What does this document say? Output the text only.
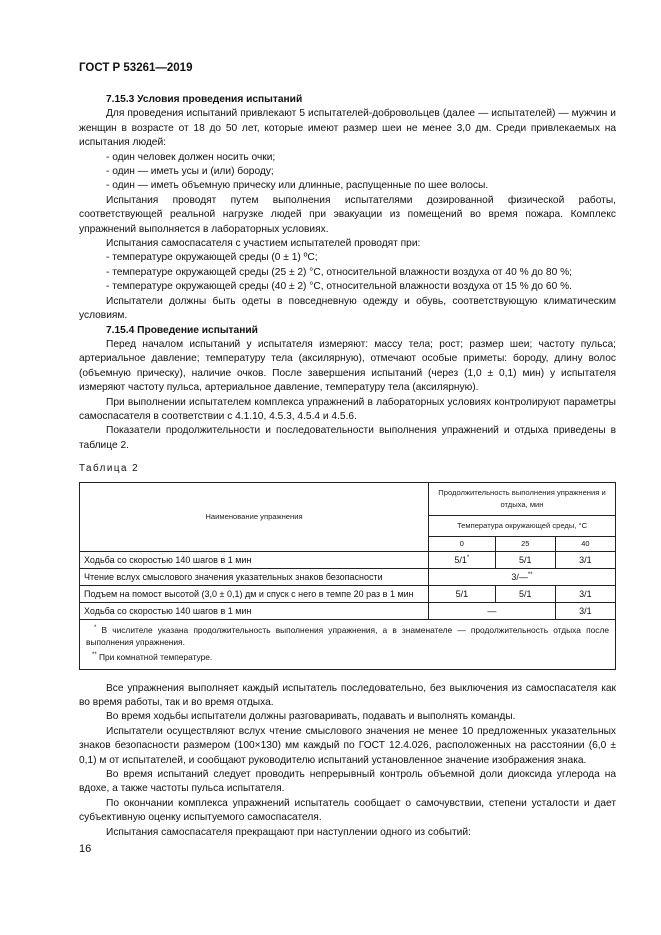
ГОСТ Р 53261—2019

7.15.3 Условия проведения испытаний

Для проведения испытаний привлекают 5 испытателей-добровольцев (далее — испытателей) — мужчин и женщин в возрасте от 18 до 50 лет, которые имеют размер шеи не менее 3,0 дм. Среди привлекаемых на испытания людей:

- один человек должен носить очки;

- один — иметь усы и (или) бороду;

- один — иметь объемную прическу или длинные, распущенные по шее волосы.

Испытания проводят путем выполнения испытателями дозированной физической работы, соответствующей реальной нагрузке людей при эвакуации из помещений во время пожара. Комплекс упражнений выполняется в лабораторных условиях.

Испытания самоспасателя с участием испытателей проводят при:

- температуре окружающей среды (0 ± 1) ºC;

- температуре окружающей среды (25 ± 2) °C, относительной влажности воздуха от 40 % до 80 %;

- температуре окружающей среды (40 ± 2) °C, относительной влажности воздуха от 15 % до 60 %.

Испытатели должны быть одеты в повседневную одежду и обувь, соответствующую климатическим условиям.

7.15.4 Проведение испытаний

Перед началом испытаний у испытателя измеряют: массу тела; рост; размер шеи; частоту пульса; артериальное давление; температуру тела (аксилярную), отмечают особые приметы: бороду, длину волос (объемную прическу), наличие очков. После завершения испытаний (через (1,0 ± 0,1) мин) у испытателя измеряют частоту пульса, артериальное давление, температуру тела (аксилярную).

При выполнении испытателем комплекса упражнений в лабораторных условиях контролируют параметры самоспасателя в соответствии с 4.1.10, 4.5.3, 4.5.4 и 4.5.6.

Показатели продолжительности и последовательности выполнения упражнений и отдыха приведены в таблице 2.

Таблица 2
Наименование упражнения	Продолжительность выполнения упражнения и отдыха, мин		
	Температура окружающей среды, °С		
	0	25	40
Ходьба со скоростью 140 шагов в 1 мин	5/1*	5/1	3/1
Чтение вслух смыслового значения указательных знаков безопасности	3/—**
Подъем на помост высотой (3,0 ± 0,1) дм и спуск с него в темпе 20 раз в 1 мин	5/1	5/1	3/1
Ходьба со скоростью 140 шагов в 1 мин	—		3/1

* В числителе указана продолжительность выполнения упражнения, а в знаменателе — продолжительность отдыха после выполнения упражнения.

** При комнатной температуре.			

Все упражнения выполняет каждый испытатель последовательно, без выключения из самоспасателя как во время работы, так и во время отдыха.

Во время ходьбы испытатели должны разговаривать, подавать и выполнять команды.

Испытатели осуществляют вслух чтение смыслового значения не менее 10 предложенных указательных знаков безопасности размером (100×130) мм каждый по ГОСТ 12.4.026, расположенных на расстоянии (6,0 ± 0,1) м от испытателей, и сообщают руководителю испытаний установленное значение изображения знака.

Во время испытаний следует проводить непрерывный контроль объемной доли диоксида углерода на вдохе, а также частоты пульса испытателя.

По окончании комплекса упражнений испытатель сообщает о самочувствии, степени усталости и дает субъективную оценку испытуемого самоспасателя.

Испытания самоспасателя прекращают при наступлении одного из событий:

16
